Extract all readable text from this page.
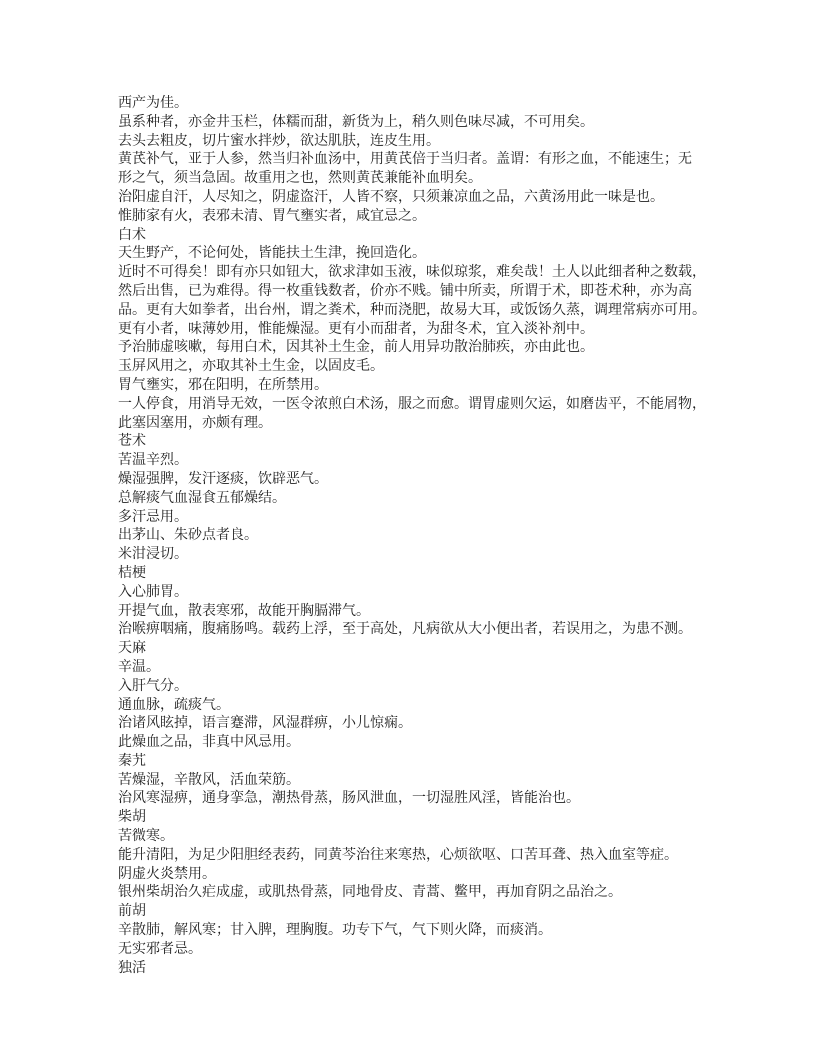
西产为佳。

虽系种者，亦金井玉栏，体糯而甜，新货为上，稍久则色味尽减，不可用矣。

去头去粗皮，切片蜜水拌炒，欲达肌肤，连皮生用。

黄芪补气，亚于人参，然当归补血汤中，用黄芪倍于当归者。盖谓：有形之血，不能速生；无

形之气，须当急固。故重用之也，然则黄芪兼能补血明矣。

治阳虚自汗，人尽知之，阴虚盗汗，人皆不察，只须兼凉血之品，六黄汤用此一味是也。

惟肺家有火，表邪未清、胃气壅实者，咸宜忌之。

白术

天生野产，不论何处，皆能扶土生津，挽回造化。

近时不可得矣！即有亦只如钮大，欲求津如玉液，味似琼浆，难矣哉！土人以此细者种之数载，

然后出售，已为难得。得一枚重钱数者，价亦不贱。铺中所卖，所谓于术，即苍术种，亦为高

品。更有大如拳者，出台州，谓之粪术，种而浇肥，故易大耳，或饭饧久蒸，调理常病亦可用。

更有小者，味薄妙用，惟能燥湿。更有小而甜者，为甜冬术，宜入淡补剂中。

予治肺虚咳嗽，每用白术，因其补土生金，前人用异功散治肺疾，亦由此也。

玉屏风用之，亦取其补土生金，以固皮毛。

胃气壅实，邪在阳明，在所禁用。

一人停食，用消导无效，一医令浓煎白术汤，服之而愈。谓胃虚则欠运，如磨齿平，不能屑物，

此塞因塞用，亦颇有理。

苍术

苦温辛烈。

燥湿强脾，发汗逐痰，饮辟恶气。

总解痰气血湿食五郁燥结。

多汗忌用。

出茅山、朱砂点者良。

米泔浸切。

桔梗

入心肺胃。

开提气血，散表寒邪，故能开胸膈滞气。

治喉痹咽痛，腹痛肠鸣。载药上浮，至于高处，凡病欲从大小便出者，若误用之，为患不测。

天麻

辛温。

入肝气分。

通血脉，疏痰气。

治诸风眩掉，语言蹇滞，风湿群痹，小儿惊痫。

此燥血之品，非真中风忌用。

秦艽

苦燥湿，辛散风，活血荣筋。

治风寒湿痹，通身挛急，潮热骨蒸，肠风泄血，一切湿胜风淫，皆能治也。

柴胡

苦微寒。

能升清阳，为足少阳胆经表药，同黄芩治往来寒热，心烦欲呕、口苦耳聋、热入血室等症。

阴虚火炎禁用。

银州柴胡治久疟成虚，或肌热骨蒸，同地骨皮、青蒿、鳖甲，再加育阴之品治之。

前胡

辛散肺，解风寒；甘入脾，理胸腹。功专下气，气下则火降，而痰消。

无实邪者忌。

独活
